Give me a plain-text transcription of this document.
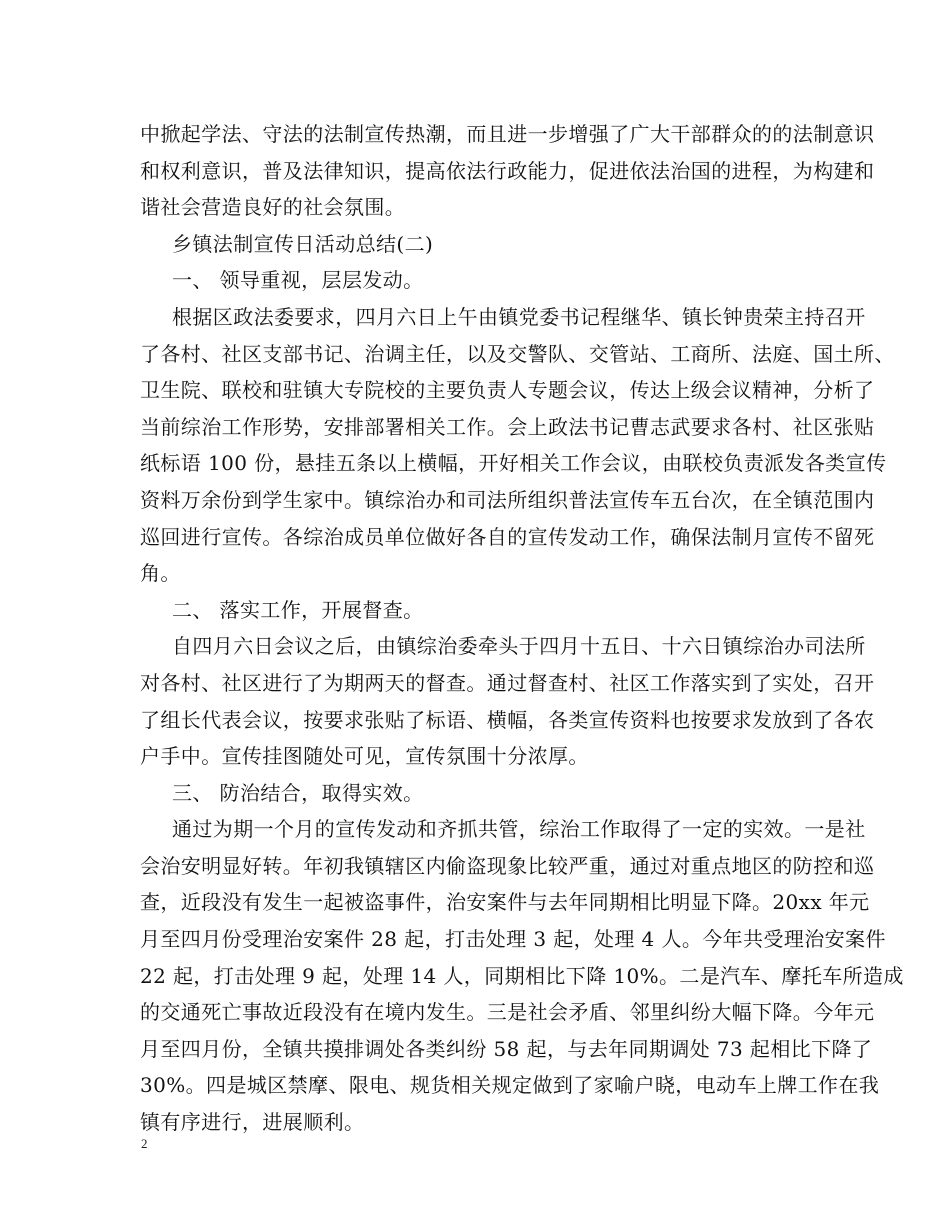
中掀起学法、守法的法制宣传热潮，而且进一步增强了广大干部群众的的法制意识
和权利意识，普及法律知识，提高依法行政能力，促进依法治国的进程，为构建和
谐社会营造良好的社会氛围。
乡镇法制宣传日活动总结(二)
一、 领导重视，层层发动。
根据区政法委要求，四月六日上午由镇党委书记程继华、镇长钟贵荣主持召开
了各村、社区支部书记、治调主任，以及交警队、交管站、工商所、法庭、国土所、
卫生院、联校和驻镇大专院校的主要负责人专题会议，传达上级会议精神，分析了
当前综治工作形势，安排部署相关工作。会上政法书记曹志武要求各村、社区张贴
纸标语 100 份，悬挂五条以上横幅，开好相关工作会议，由联校负责派发各类宣传
资料万余份到学生家中。镇综治办和司法所组织普法宣传车五台次，在全镇范围内
巡回进行宣传。各综治成员单位做好各自的宣传发动工作，确保法制月宣传不留死
角。
二、 落实工作，开展督查。
自四月六日会议之后，由镇综治委牵头于四月十五日、十六日镇综治办司法所
对各村、社区进行了为期两天的督查。通过督查村、社区工作落实到了实处，召开
了组长代表会议，按要求张贴了标语、横幅，各类宣传资料也按要求发放到了各农
户手中。宣传挂图随处可见，宣传氛围十分浓厚。
三、 防治结合，取得实效。
通过为期一个月的宣传发动和齐抓共管，综治工作取得了一定的实效。一是社
会治安明显好转。年初我镇辖区内偷盗现象比较严重，通过对重点地区的防控和巡
查，近段没有发生一起被盗事件，治安案件与去年同期相比明显下降。20xx 年元
月至四月份受理治安案件 28 起，打击处理 3 起，处理 4 人。今年共受理治安案件
22 起，打击处理 9 起，处理 14 人，同期相比下降 10%。二是汽车、摩托车所造成
的交通死亡事故近段没有在境内发生。三是社会矛盾、邻里纠纷大幅下降。今年元
月至四月份，全镇共摸排调处各类纠纷 58 起，与去年同期调处 73 起相比下降了
30%。四是城区禁摩、限电、规货相关规定做到了家喻户晓，电动车上牌工作在我
镇有序进行，进展顺利。
2
